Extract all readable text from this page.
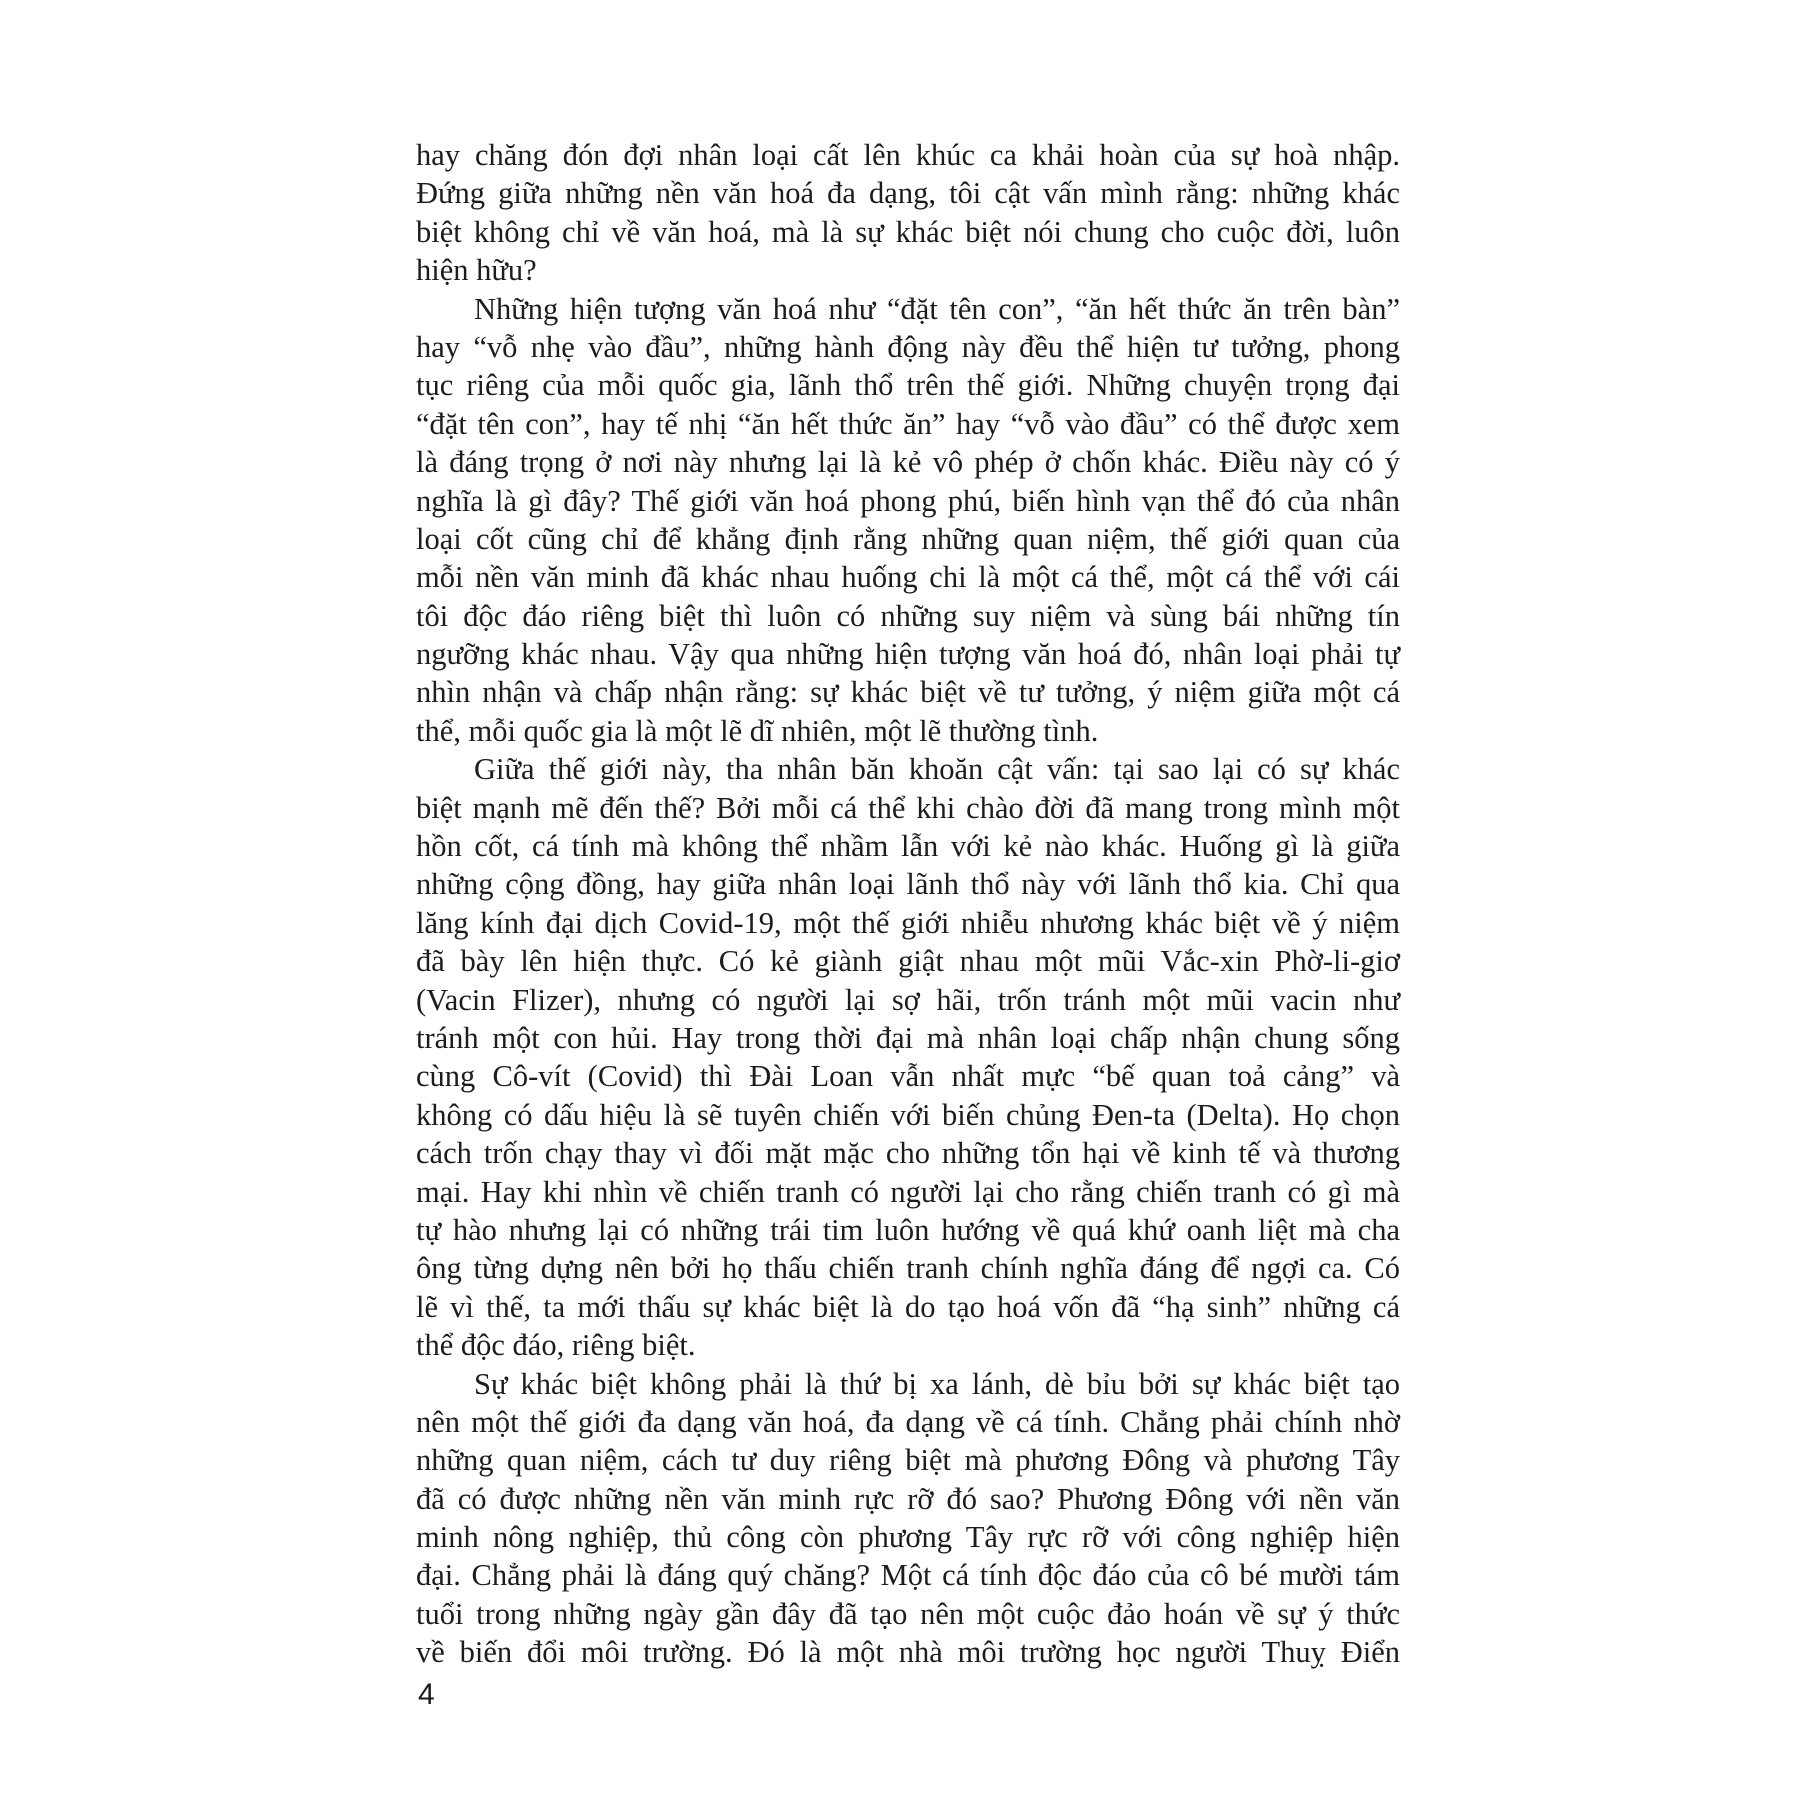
hay chăng đón đợi nhân loại cất lên khúc ca khải hoàn của sự hoà nhập.
Đứng giữa những nền văn hoá đa dạng, tôi cật vấn mình rằng: những khác
biệt không chỉ về văn hoá, mà là sự khác biệt nói chung cho cuộc đời, luôn
hiện hữu?
Những hiện tượng văn hoá như “đặt tên con”, “ăn hết thức ăn trên bàn”
hay “vỗ nhẹ vào đầu”, những hành động này đều thể hiện tư tưởng, phong
tục riêng của mỗi quốc gia, lãnh thổ trên thế giới. Những chuyện trọng đại
“đặt tên con”, hay tế nhị “ăn hết thức ăn” hay “vỗ vào đầu” có thể được xem
là đáng trọng ở nơi này nhưng lại là kẻ vô phép ở chốn khác. Điều này có ý
nghĩa là gì đây? Thế giới văn hoá phong phú, biến hình vạn thể đó của nhân
loại cốt cũng chỉ để khẳng định rằng những quan niệm, thế giới quan của
mỗi nền văn minh đã khác nhau huống chi là một cá thể, một cá thể với cái
tôi độc đáo riêng biệt thì luôn có những suy niệm và sùng bái những tín
ngưỡng khác nhau. Vậy qua những hiện tượng văn hoá đó, nhân loại phải tự
nhìn nhận và chấp nhận rằng: sự khác biệt về tư tưởng, ý niệm giữa một cá
thể, mỗi quốc gia là một lẽ dĩ nhiên, một lẽ thường tình.
Giữa thế giới này, tha nhân băn khoăn cật vấn: tại sao lại có sự khác
biệt mạnh mẽ đến thế? Bởi mỗi cá thể khi chào đời đã mang trong mình một
hồn cốt, cá tính mà không thể nhầm lẫn với kẻ nào khác. Huống gì là giữa
những cộng đồng, hay giữa nhân loại lãnh thổ này với lãnh thổ kia. Chỉ qua
lăng kính đại dịch Covid-19, một thế giới nhiễu nhương khác biệt về ý niệm
đã bày lên hiện thực. Có kẻ giành giật nhau một mũi Vắc-xin Phờ-li-giơ
(Vacin Flizer), nhưng có người lại sợ hãi, trốn tránh một mũi vacin như
tránh một con hủi. Hay trong thời đại mà nhân loại chấp nhận chung sống
cùng Cô-vít (Covid) thì Đài Loan vẫn nhất mực “bế quan toả cảng” và
không có dấu hiệu là sẽ tuyên chiến với biến chủng Đen-ta (Delta). Họ chọn
cách trốn chạy thay vì đối mặt mặc cho những tổn hại về kinh tế và thương
mại. Hay khi nhìn về chiến tranh có người lại cho rằng chiến tranh có gì mà
tự hào nhưng lại có những trái tim luôn hướng về quá khứ oanh liệt mà cha
ông từng dựng nên bởi họ thấu chiến tranh chính nghĩa đáng để ngợi ca. Có
lẽ vì thế, ta mới thấu sự khác biệt là do tạo hoá vốn đã “hạ sinh” những cá
thể độc đáo, riêng biệt.
Sự khác biệt không phải là thứ bị xa lánh, dè bỉu bởi sự khác biệt tạo
nên một thế giới đa dạng văn hoá, đa dạng về cá tính. Chẳng phải chính nhờ
những quan niệm, cách tư duy riêng biệt mà phương Đông và phương Tây
đã có được những nền văn minh rực rỡ đó sao? Phương Đông với nền văn
minh nông nghiệp, thủ công còn phương Tây rực rỡ với công nghiệp hiện
đại. Chẳng phải là đáng quý chăng? Một cá tính độc đáo của cô bé mười tám
tuổi trong những ngày gần đây đã tạo nên một cuộc đảo hoán về sự ý thức
về biến đổi môi trường. Đó là một nhà môi trường học người Thuỵ Điển
4
